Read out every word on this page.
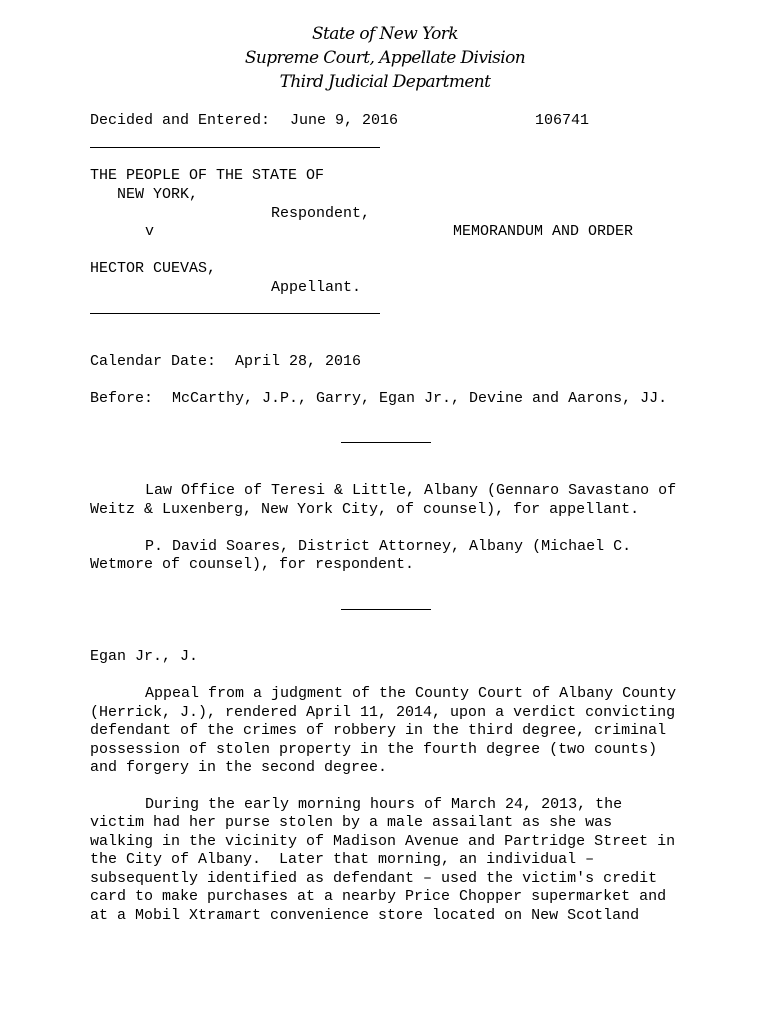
State of New York
Supreme Court, Appellate Division
Third Judicial Department
Decided and Entered: June 9, 2016	106741
THE PEOPLE OF THE STATE OF
NEW YORK,
Respondent,
v	MEMORANDUM AND ORDER
HECTOR CUEVAS,
Appellant.
Calendar Date: April 28, 2016
Before: McCarthy, J.P., Garry, Egan Jr., Devine and Aarons, JJ.
Law Office of Teresi & Little, Albany (Gennaro Savastano of
Weitz & Luxenberg, New York City, of counsel), for appellant.
P. David Soares, District Attorney, Albany (Michael C.
Wetmore of counsel), for respondent.
Egan Jr., J.
Appeal from a judgment of the County Court of Albany County
(Herrick, J.), rendered April 11, 2014, upon a verdict convicting
defendant of the crimes of robbery in the third degree, criminal
possession of stolen property in the fourth degree (two counts)
and forgery in the second degree.
During the early morning hours of March 24, 2013, the
victim had her purse stolen by a male assailant as she was
walking in the vicinity of Madison Avenue and Partridge Street in
the City of Albany.  Later that morning, an individual –
subsequently identified as defendant – used the victim's credit
card to make purchases at a nearby Price Chopper supermarket and
at a Mobil Xtramart convenience store located on New Scotland
